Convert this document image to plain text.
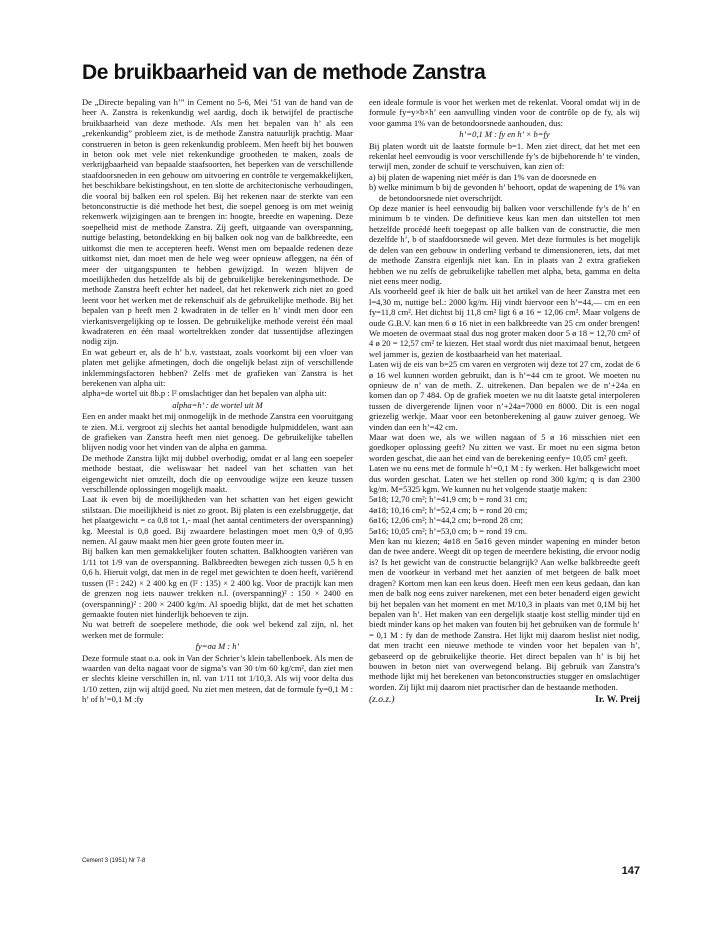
De bruikbaarheid van de methode Zanstra

De „Directe bepaling van h’” in Cement no 5-6, Mei ’51 van de hand van de heer A. Zanstra is rekenkundig wel aardig, doch ik betwijfel de practische bruikbaarheid van deze methode. Als men het bepalen van h’ als een „rekenkundig” probleem ziet, is de methode Zanstra natuurlijk prachtig. Maar construeren in beton is geen rekenkundig probleem. Men heeft bij het bouwen in beton ook met vele niet rekenkundige grootheden te maken, zoals de verkrijgbaarheid van bepaalde staafsoorten, het beperken van de verschillende staafdoorsneden in een gebouw om uitvoering en contrôle te vergemakkelijken, het beschikbare bekistingshout, en ten slotte de architectonische verhoudingen, die vooral bij balken een rol spelen. Bij het rekenen naar de sterkte van een betonconstructie is dié methode het best, die soepel genoeg is om met weinig rekenwerk wijzigingen aan te brengen in: hoogte, breedte en wapening. Deze soepelheid mist de methode Zanstra. Zij geeft, uitgaande van overspanning, nuttige belasting, betondekking en bij balken ook nog van de balkbreedte, een uitkomst die men te accepteren heeft. Wenst men om bepaalde redenen deze uitkomst niet, dan moet men de hele weg weer opnieuw afleggen, na één of meer der uitgangspunten te hebben gewijzigd. In wezen blijven de moeilijkheden dus hetzelfde als bij de gebruikelijke berekeningsmethode. De methode Zanstra heeft echter het nadeel, dat het rekenwerk zich niet zo goed leent voor het werken met de rekenschuif als de gebruikelijke methode. Bij het bepalen van p heeft men 2 kwadraten in de teller en h’ vindt men door een vierkantsvergelijking op te lossen. De gebruikelijke methode vereist één maal kwadrateren en één maal worteltrekken zonder dat tussentijdse aflezingen nodig zijn.

En wat gebeurt er, als de h’ b.v. vaststaat, zoals voorkomt bij een vloer van platen met gelijke afmetingen, doch die ongelijk belast zijn of verschillende inklemmingsfactoren hebben? Zelfs met de grafieken van Zanstra is het berekenen van alpha uit:

alpha=de wortel uit 8b.p : l² omslachtiger dan het bepalen van alpha uit:

alpha=h’ : de wortel uit M

Een en ander maakt het mij onmogelijk in de methode Zanstra een vooruitgang te zien. M.i. vergroot zij slechts het aantal benodigde hulpmiddelen, want aan de grafieken van Zanstra heeft men niet genoeg. De gebruikelijke tabellen blijven nodig voor het vinden van de alpha en gamma.

De methode Zanstra lijkt mij dubbel overbodig, omdat er al lang een soepeler methode bestaat, die weliswaar het nadeel van het schatten van het eigengewicht niet omzeilt, doch die op eenvoudige wijze een keuze tussen verschillende oplossingen mogelijk maakt.

Laat ik even bij de moeilijkheden van het schatten van het eigen gewicht stilstaan. Die moeilijkheid is niet zo groot. Bij platen is een ezelsbruggetje, dat het plaatgewicht = ca 0,8 tot 1,- maal (het aantal centimeters der overspanning) kg. Meestal is 0,8 goed. Bij zwaardere belastingen moet men 0,9 of 0,95 nemen. Al gauw maakt men hier geen grote fouten meer in.

Bij balken kan men gemakkelijker fouten schatten. Balkhoogten variëren van 1/11 tot 1/9 van de overspanning. Balkbreedten bewegen zich tussen 0,5 h en 0,6 h. Hieruit volgt, dat men in de regel met gewichten te doen heeft, variërend tussen (l² : 242) × 2 400 kg en (l² : 135) × 2 400 kg. Voor de practijk kan men de grenzen nog iets nauwer trekken n.l. (overspanning)² : 150 × 2400 en (overspanning)² : 200 × 2400 kg/m. Al spoedig blijkt, dat de met het schatten gemaakte fouten niet hinderlijk behoeven te zijn.

Nu wat betreft de soepelere methode, die ook wel bekend zal zijn, nl. het werken met de formule:

fy=σa M : h’

Deze formule staat o.a. ook in Van der Schrier’s klein tabellenboek. Als men de waarden van delta nagaat voor de sigma’s van 30 t/m 60 kg/cm², dan ziet men er slechts kleine verschillen in, nl. van 1/11 tot 1/10,3. Als wij voor delta dus 1/10 zetten, zijn wij altijd goed. Nu ziet men meteen, dat de formule fy=0,1 M : h’ of h’=0,1 M :fy

een ideale formule is voor het werken met de rekenlat. Vooral omdat wij in de formule fy=y×b×h’ een aanvulling vinden voor de contrôle op de fy, als wij voor gamma 1% van de betondoorsnede aanhouden, dus:

h’=0,1 M : fy en h’ × b=fy

Bij platen wordt uit de laatste formule b=1. Men ziet direct, dat het met een rekenlat heel eenvoudig is voor verschillende fy’s de bijbehorende h’ te vinden, terwijl men, zonder de schuif te verschuiven, kan zien of:

a) bij platen de wapening niet méér is dan 1% van de doorsnede en

b) welke minimum b bij de gevonden h’ behoort, opdat de wapening de 1% van de betondoorsnede niet overschrijdt.

Op deze manier is heel eenvoudig bij balken voor verschillende fy’s de h’ en minimum b te vinden. De definitieve keus kan men dan uitstellen tot men hetzelfde procédé heeft toegepast op alle balken van de constructie, die men dezelfde h’, b of staafdoorsnede wil geven. Met deze formules is het mogelijk de delen van een gebouw in onderling verband te dimensioneren, iets, dat met de methode Zanstra eigenlijk niet kan. En in plaats van 2 extra grafieken hebben we nu zelfs de gebruikelijke tabellen met alpha, beta, gamma en delta niet eens meer nodig.

Als voorbeeld geef ik hier de balk uit het artikel van de heer Zanstra met een l=4,30 m, nuttige bel.: 2000 kg/m. Hij vindt hiervoor een h’=44,— cm en een fy=11,8 cm². Het dichtst bij 11,8 cm² ligt 6 ø 16 = 12,06 cm². Maar volgens de oude G.B.V. kan men 6 ø 16 niet in een balkbreedte van 25 cm onder brengen! We moeten de overmaat staal dus nog groter maken door 5 ø 18 = 12,70 cm² of 4 ø 20 = 12,57 cm² te kiezen. Het staal wordt dus niet maximaal benut, hetgeen wel jammer is, gezien de kostbaarheid van het materiaal.

Laten wij de eis van b=25 cm varen en vergroten wij deze tot 27 cm, zodat de 6 ø 16 wel kunnen worden gebruikt, dan is h’=44 cm te groot. We moeten nu opnieuw de n’ van de meth. Z. uitrekenen. Dan bepalen we de n’+24a en komen dan op 7 484. Op de grafiek moeten we nu dit laatste getal interpoleren tussen de divergerende lijnen voor n’+24a=7000 en 8000. Dit is een nogal griezelig werkje. Maar voor een betonberekening al gauw zuiver genoeg. We vinden dan een h’=42 cm.

Maar wat doen we, als we willen nagaan of 5 ø 16 misschien niet een goedkoper oplossing geeft? Nu zitten we vast. Er moet nu een sigma beton worden geschat, die aan het eind van de berekening eenfy= 10,05 cm² geeft.

Laten we nu eens met de formule h’=0,1 M : fy werken. Het balkgewicht moet dus worden geschat. Laten we het stellen op rond 300 kg/m; q is dan 2300 kg/m. M=5325 kgm. We kunnen nu het volgende staatje maken:

5ø18; 12,70 cm²; h’=41,9 cm; b = rond 31 cm;

4ø18; 10,16 cm²; h’=52,4 cm; b = rond 20 cm;

6ø16; 12,06 cm²; h’=44,2 cm; b=rond 28 cm;

5ø16; 10,05 cm²; h’=53,0 cm; b = rond 19 cm.

Men kan nu kiezen; 4ø18 en 5ø16 geven minder wapening en minder beton dan de twee andere. Weegt dit op tegen de meerdere bekisting, die ervoor nodig is? Is het gewicht van de constructie belangrijk? Aan welke balkbreedte geeft men de voorkeur in verband met het aanzien of met betgeen de balk moet dragen? Kortom men kan een keus doen. Heeft men een keus gedaan, dan kan men de balk nog eens zuiver narekenen, met een beter benaderd eigen gewicht bij het bepalen van het moment en met M/10,3 in plaats van met 0,1M bij het bepalen van h’. Het maken van een dergelijk staatje kost stellig minder tijd en biedt minder kans op het maken van fouten bij het gebruiken van de formule h’ = 0,1 M : fy dan de methode Zanstra. Het lijkt mij daarom beslist niet nodig, dat men tracht een nieuwe methode te vinden voor het bepalen van h’, gebaseerd op de gebruikelijke theorie. Het direct bepalen van h’ is bij het bouwen in beton niet van overwegend belang. Bij gebruik van Zanstra’s methode lijkt mij het berekenen van betonconstructies stugger en omslachtiger worden. Zij lijkt mij daarom niet practischer dan de bestaande methoden.

(z.o.z.)	Ir. W. Preij

Cement 3 (1951) Nr 7-8
147
